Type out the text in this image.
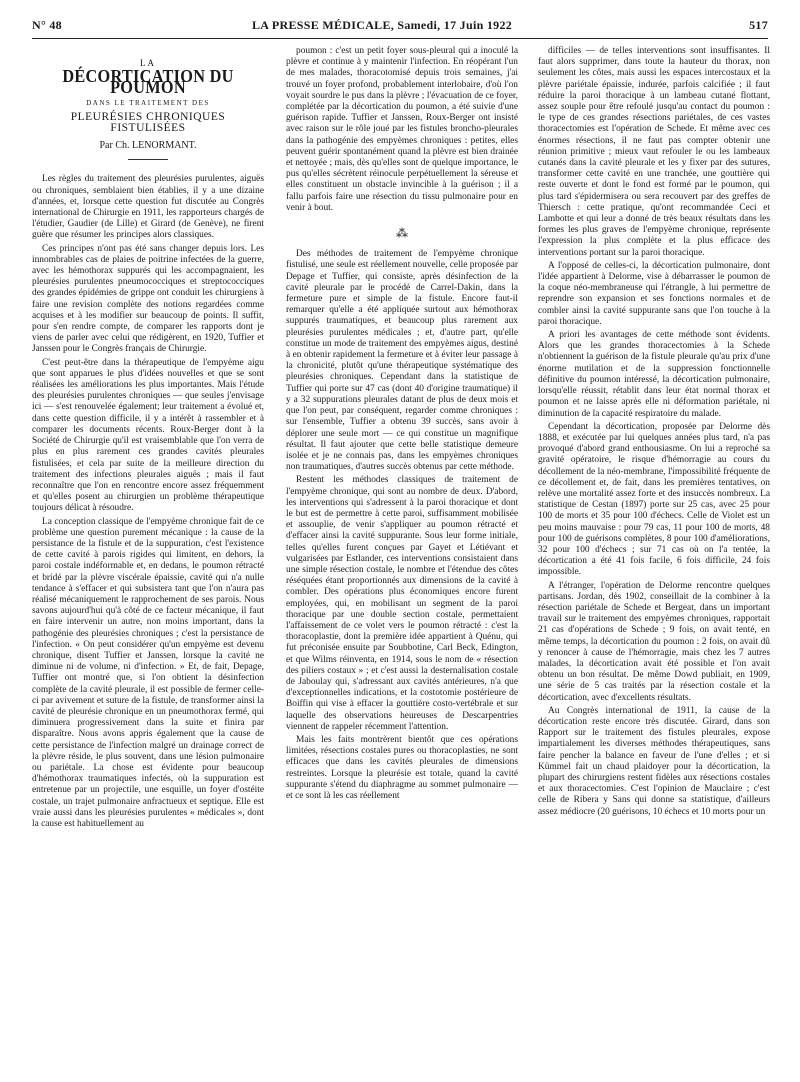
N° 48	LA PRESSE MÉDICALE, Samedi, 17 Juin 1922	517
LA
DÉCORTICATION DU POUMON
DANS LE TRAITEMENT DES
PLEURÉSIES CHRONIQUES FISTULISÉES
Par Ch. LENORMANT.

Les règles du traitement des pleurésies purulentes, aiguës ou chroniques, semblaient bien établies, il y a une dizaine d'années, et, lorsque cette question fut discutée au Congrès international de Chirurgie en 1911, les rapporteurs chargés de l'étudier, Gaudier (de Lille) et Girard (de Genève), ne firent guère que résumer les principes alors classiques.

Ces principes n'ont pas été sans changer depuis lors. Les innombrables cas de plaies de poitrine infectées de la guerre, avec les hémothorax suppurés qui les accompagnaient, les pleurésies purulentes pneumococciques et streptococciques des grandes épidémies de grippe ont conduit les chirurgiens à faire une revision complète des notions regardées comme acquises et à les modifier sur beaucoup de points. Il suffit, pour s'en rendre compte, de comparer les rapports dont je viens de parler avec celui que rédigèrent, en 1920, Tuffier et Janssen pour le Congrès français de Chirurgie.

C'est peut-être dans la thérapeutique de l'empyème aigu que sont apparues le plus d'idées nouvelles et que se sont réalisées les améliorations les plus importantes. Mais l'étude des pleurésies purulentes chroniques — que seules j'envisage ici — s'est renouvelée également; leur traitement a évolué et, dans cette question difficile, il y a intérêt à rassembler et à comparer les documents récents. Roux-Berger dont à la Société de Chirurgie qu'il est vraisemblable que l'on verra de plus en plus rarement ces grandes cavités pleurales fistulisées, et cela par suite de la meilleure direction du traitement des infections pleurales aiguës ; mais il faut reconnaître que l'on en rencontre encore assez fréquemment et qu'elles posent au chirurgien un problème thérapeutique toujours délicat à résoudre.

La conception classique de l'empyème chronique fait de ce problème une question purement mécanique : la cause de la persistance de la fistule et de la suppuration, c'est l'existence de cette cavité à parois rigides qui limitent, en dehors, la paroi costale indéformable et, en dedans, le poumon rétracté et bridé par la plèvre viscérale épaissie, cavité qui n'a nulle tendance à s'effacer et qui subsistera tant que l'on n'aura pas réalisé mécaniquement le rapprochement de ses parois. Nous savons aujourd'hui qu'à côté de ce facteur mécanique, il faut en faire intervenir un autre, non moins important, dans la pathogénie des pleurésies chroniques ; c'est la persistance de l'infection. « On peut considérer qu'un empyème est devenu chronique, disent Tuffier et Janssen, lorsque la cavité ne diminue ni de volume, ni d'infection. » Et, de fait, Depage, Tuffier ont montré que, si l'on obtient la désinfection complète de la cavité pleurale, il est possible de fermer celle-ci par avivement et suture de la fistule, de transformer ainsi la cavité de pleurésie chronique en un pneumothorax fermé, qui diminuera progressivement dans la suite et finira par disparaître. Nous avons appris également que la cause de cette persistance de l'infection malgré un drainage correct de la plèvre réside, le plus souvent, dans une lésion pulmonaire ou pariétale. La chose est évidente pour beaucoup d'hémothorax traumatiques infectés, où la suppuration est entretenue par un projectile, une esquille, un foyer d'ostéite costale, un trajet pulmonaire anfractueux et septique. Elle est vraie aussi dans les pleurésies purulentes « médicales », dont la cause est habituellement au

poumon : c'est un petit foyer sous-pleural qui a inoculé la plèvre et continue à y maintenir l'infection. En réopérant l'un de mes malades, thoracotomisé depuis trois semaines, j'ai trouvé un foyer profond, probablement interlobaire, d'où l'on voyait sourdre le pus dans la plèvre ; l'évacuation de ce foyer, complétée par la décortication du poumon, a été suivie d'une guérison rapide. Tuffier et Janssen, Roux-Berger ont insisté avec raison sur le rôle joué par les fistules broncho-pleurales dans la pathogénie des empyèmes chroniques : petites, elles peuvent guérir spontanément quand la plèvre est bien drainée et nettoyée ; mais, dès qu'elles sont de quelque importance, le pus qu'elles sécrètent réinocule perpétuellement la séreuse et elles constituent un obstacle invincible à la guérison ; il a fallu parfois faire une résection du tissu pulmonaire pour en venir à bout.

⁂

Des méthodes de traitement de l'empyème chronique fistulisé, une seule est réellement nouvelle, celle proposée par Depage et Tuffier, qui consiste, après désinfection de la cavité pleurale par le procédé de Carrel-Dakin, dans la fermeture pure et simple de la fistule. Encore faut-il remarquer qu'elle a été appliquée surtout aux hémothorax suppurés traumatiques, et beaucoup plus rarement aux pleurésies purulentes médicales ; et, d'autre part, qu'elle constitue un mode de traitement des empyèmes aigus, destiné à en obtenir rapidement la fermeture et à éviter leur passage à la chronicité, plutôt qu'une thérapeutique systématique des pleurésies chroniques. Cependant dans la statistique de Tuffier qui porte sur 47 cas (dont 40 d'origine traumatique) il y a 32 suppurations pleurales datant de plus de deux mois et que l'on peut, par conséquent, regarder comme chroniques : sur l'ensemble, Tuffier a obtenu 39 succès, sans avoir à déplorer une seule mort — ce qui constitue un magnifique résultat. Il faut ajouter que cette belle statistique demeure isolée et je ne connais pas, dans les empyèmes chroniques non traumatiques, d'autres succès obtenus par cette méthode.

Restent les méthodes classiques de traitement de l'empyème chronique, qui sont au nombre de deux. D'abord, les interventions qui s'adressent à la paroi thoracique et dont le but est de permettre à cette paroi, suffisamment mobilisée et assouplie, de venir s'appliquer au poumon rétracté et d'effacer ainsi la cavité suppurante. Sous leur forme initiale, telles qu'elles furent conçues par Gayet et Létiévant et vulgarisées par Estlander, ces interventions consistaient dans une simple résection costale, le nombre et l'étendue des côtes réséquées étant proportionnés aux dimensions de la cavité à combler. Des opérations plus économiques encore furent employées, qui, en mobilisant un segment de la paroi thoracique par une double section costale, permettaient l'affaissement de ce volet vers le poumon rétracté : c'est la thoracoplastie, dont la première idée appartient à Quénu, qui fut préconisée ensuite par Soubbotine, Carl Beck, Edington, et que Wilms réinventa, en 1914, sous le nom de « résection des piliers costaux » ; et c'est aussi la desternalisation costale de Jaboulay qui, s'adressant aux cavités antérieures, n'a que d'exceptionnelles indications, et la costotomie postérieure de Boiffin qui vise à effacer la gouttière costo-vertébrale et sur laquelle des observations heureuses de Descarpentries viennent de rappeler récemment l'attention.

Mais les faits montrèrent bientôt que ces opérations limitées, résections costales pures ou thoracoplasties, ne sont efficaces que dans les cavités pleurales de dimensions restreintes. Lorsque la pleurésie est totale, quand la cavité suppurante s'étend du diaphragme au sommet pulmonaire — et ce sont là les cas réellement

difficiles — de telles interventions sont insuffisantes. Il faut alors supprimer, dans toute la hauteur du thorax, non seulement les côtes, mais aussi les espaces intercostaux et la plèvre pariétale épaissie, indurée, parfois calcifiée ; il faut réduire la paroi thoracique à un lambeau cutané flottant, assez souple pour être refoulé jusqu'au contact du poumon : le type de ces grandes résections pariétales, de ces vastes thoracectomies est l'opération de Schede. Et même avec ces énormes résections, il ne faut pas compter obtenir une réunion primitive ; mieux vaut refouler le ou les lambeaux cutanés dans la cavité pleurale et les y fixer par des sutures, transformer cette cavité en une tranchée, une gouttière qui reste ouverte et dont le fond est formé par le poumon, qui plus tard s'épidermisera ou sera recouvert par des greffes de Thiersch : cette pratique, qu'ont recommandée Ceci et Lambotte et qui leur a donné de très beaux résultats dans les formes les plus graves de l'empyème chronique, représente l'expression la plus complète et la plus efficace des interventions portant sur la paroi thoracique.

A l'opposé de celles-ci, la décortication pulmonaire, dont l'idée appartient à Delorme, vise à débarrasser le poumon de la coque néo-membraneuse qui l'étrangle, à lui permettre de reprendre son expansion et ses fonctions normales et de combler ainsi la cavité suppurante sans que l'on touche à la paroi thoracique.

A priori les avantages de cette méthode sont évidents. Alors que les grandes thoracectomies à la Schede n'obtiennent la guérison de la fistule pleurale qu'au prix d'une énorme mutilation et de la suppression fonctionnelle définitive du poumon intéressé, la décortication pulmonaire, lorsqu'elle réussit, rétablit dans leur état normal thorax et poumon et ne laisse après elle ni déformation pariétale, ni diminution de la capacité respiratoire du malade.

Cependant la décortication, proposée par Delorme dès 1888, et exécutée par lui quelques années plus tard, n'a pas provoqué d'abord grand enthousiasme. On lui a reproché sa gravité opératoire, le risque d'hémorragie au cours du décollement de la néo-membrane, l'impossibilité fréquente de ce décollement et, de fait, dans les premières tentatives, on relève une mortalité assez forte et des insuccès nombreux. La statistique de Cestan (1897) porte sur 25 cas, avec 25 pour 100 de morts et 35 pour 100 d'échecs. Celle de Violet est un peu moins mauvaise : pour 79 cas, 11 pour 100 de morts, 48 pour 100 de guérisons complètes, 8 pour 100 d'améliorations, 32 pour 100 d'échecs ; sur 71 cas où on l'a tentée, la décortication a été 41 fois facile, 6 fois difficile, 24 fois impossible.

A l'étranger, l'opération de Delorme rencontre quelques partisans. Jordan, dès 1902, conseillait de la combiner à la résection pariétale de Schede et Bergeat, dans un important travail sur le traitement des empyèmes chroniques, rapportait 21 cas d'opérations de Schede ; 9 fois, on avait tenté, en même temps, la décortication du poumon : 2 fois, on avait dû y renoncer à cause de l'hémorragie, mais chez les 7 autres malades, la décortication avait été possible et l'on avait obtenu un bon résultat. De même Dowd publiait, en 1909, une série de 5 cas traités par la résection costale et la décortication, avec d'excellents résultats.

Au Congrès international de 1911, la cause de la décortication reste encore très discutée. Girard, dans son Rapport sur le traitement des fistules pleurales, expose impartialement les diverses méthodes thérapeutiques, sans faire pencher la balance en faveur de l'une d'elles ; et si Kümmel fait un chaud plaidoyer pour la décortication, la plupart des chirurgiens restent fidèles aux résections costales et aux thoracectomies. C'est l'opinion de Mauclaire ; c'est celle de Ribera y Sans qui donne sa statistique, d'ailleurs assez médiocre (20 guérisons, 10 échecs et 10 morts pour un
